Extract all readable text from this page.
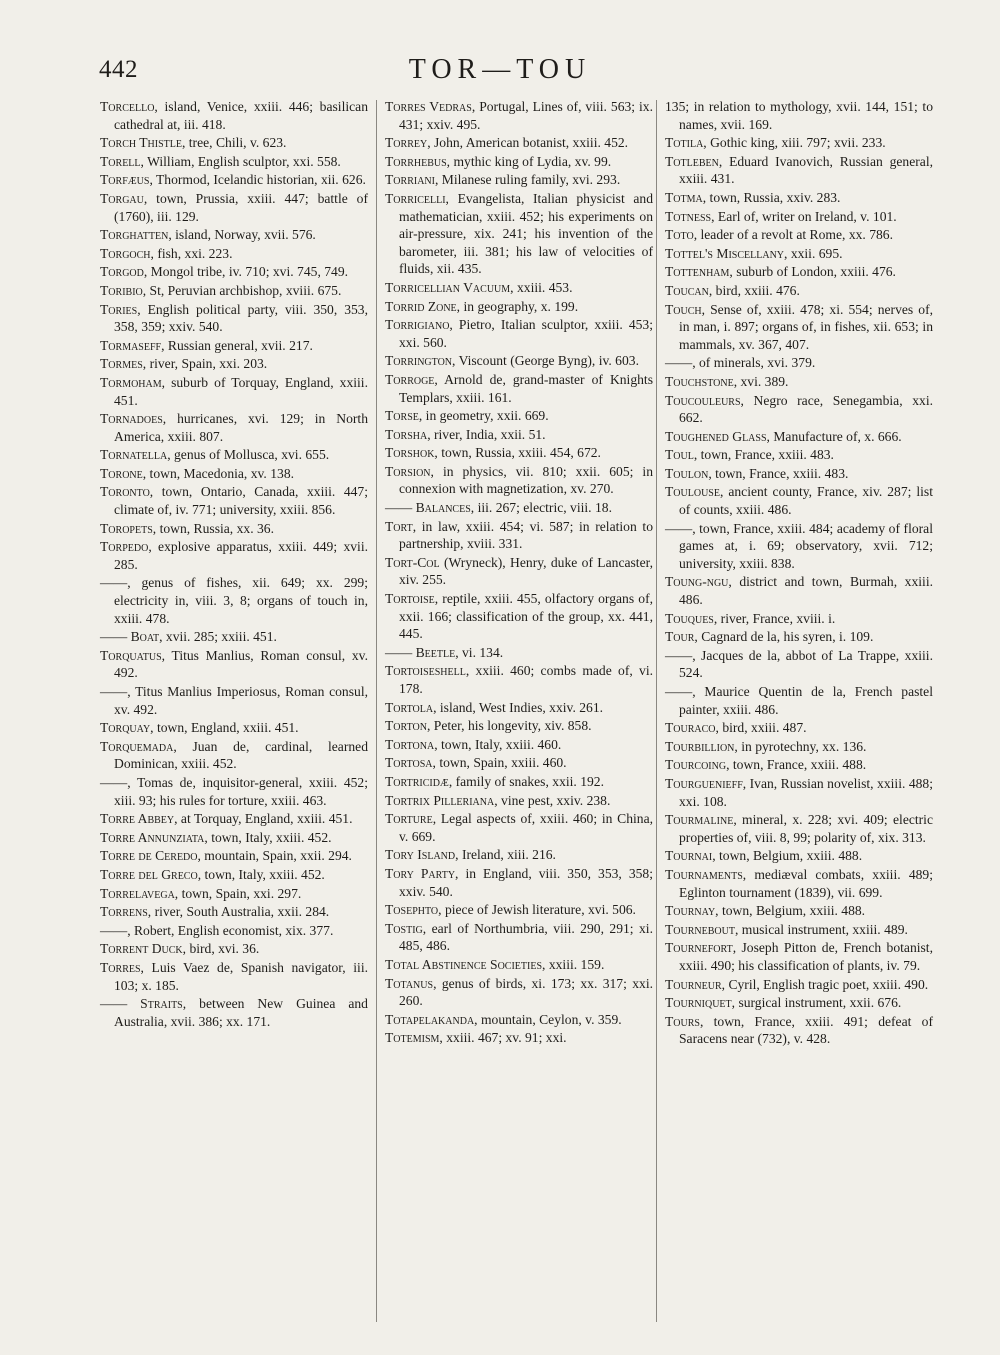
442	TOR—TOU
Torcello, island, Venice, xxiii. 446; basilican cathedral at, iii. 418.
Torch Thistle, tree, Chili, v. 623.
Torell, William, English sculptor, xxi. 558.
Torfæus, Thormod, Icelandic historian, xii. 626.
Torgau, town, Prussia, xxiii. 447; battle of (1760), iii. 129.
Torghatten, island, Norway, xvii. 576.
Torgoch, fish, xxi. 223.
Torgod, Mongol tribe, iv. 710; xvi. 745, 749.
Toribio, St, Peruvian archbishop, xviii. 675.
Tories, English political party, viii. 350, 353, 358, 359; xxiv. 540.
Tormaseff, Russian general, xvii. 217.
Tormes, river, Spain, xxi. 203.
Tormoham, suburb of Torquay, England, xxiii. 451.
Tornadoes, hurricanes, xvi. 129; in North America, xxiii. 807.
Tornatella, genus of Mollusca, xvi. 655.
Torone, town, Macedonia, xv. 138.
Toronto, town, Ontario, Canada, xxiii. 447; climate of, iv. 771; university, xxiii. 856.
Toropets, town, Russia, xx. 36.
Torpedo, explosive apparatus, xxiii. 449; xvii. 285.
——, genus of fishes, xii. 649; xx. 299; electricity in, viii. 3, 8; organs of touch in, xxiii. 478.
—— Boat, xvii. 285; xxiii. 451.
Torquatus, Titus Manlius, Roman consul, xv. 492.
——, Titus Manlius Imperiosus, Roman consul, xv. 492.
Torquay, town, England, xxiii. 451.
Torquemada, Juan de, cardinal, learned Dominican, xxiii. 452.
——, Tomas de, inquisitor-general, xxiii. 452; xiii. 93; his rules for torture, xxiii. 463.
Torre Abbey, at Torquay, England, xxiii. 451.
Torre Annunziata, town, Italy, xxiii. 452.
Torre de Ceredo, mountain, Spain, xxii. 294.
Torre del Greco, town, Italy, xxiii. 452.
Torrelavega, town, Spain, xxi. 297.
Torrens, river, South Australia, xxii. 284.
——, Robert, English economist, xix. 377.
Torrent Duck, bird, xvi. 36.
Torres, Luis Vaez de, Spanish navigator, iii. 103; x. 185.
—— Straits, between New Guinea and Australia, xvii. 386; xx. 171.
Torres Vedras, Portugal, Lines of, viii. 563; ix. 431; xxiv. 495.
Torrey, John, American botanist, xxiii. 452.
Torrhebus, mythic king of Lydia, xv. 99.
Torriani, Milanese ruling family, xvi. 293.
Torricelli, Evangelista, Italian physicist and mathematician, xxiii. 452; his experiments on air-pressure, xix. 241; his invention of the barometer, iii. 381; his law of velocities of fluids, xii. 435.
Torricellian Vacuum, xxiii. 453.
Torrid Zone, in geography, x. 199.
Torrigiano, Pietro, Italian sculptor, xxiii. 453; xxi. 560.
Torrington, Viscount (George Byng), iv. 603.
Torroge, Arnold de, grand-master of Knights Templars, xxiii. 161.
Torse, in geometry, xxii. 669.
Torsha, river, India, xxii. 51.
Torshok, town, Russia, xxiii. 454, 672.
Torsion, in physics, vii. 810; xxii. 605; in connexion with magnetization, xv. 270.
—— Balances, iii. 267; electric, viii. 18.
Tort, in law, xxiii. 454; vi. 587; in relation to partnership, xviii. 331.
Tort-Col (Wryneck), Henry, duke of Lancaster, xiv. 255.
Tortoise, reptile, xxiii. 455, olfactory organs of, xxii. 166; classification of the group, xx. 441, 445.
—— Beetle, vi. 134.
Tortoiseshell, xxiii. 460; combs made of, vi. 178.
Tortola, island, West Indies, xxiv. 261.
Torton, Peter, his longevity, xiv. 858.
Tortona, town, Italy, xxiii. 460.
Tortosa, town, Spain, xxiii. 460.
Tortricidæ, family of snakes, xxii. 192.
Tortrix Pilleriana, vine pest, xxiv. 238.
Torture, Legal aspects of, xxiii. 460; in China, v. 669.
Tory Island, Ireland, xiii. 216.
Tory Party, in England, viii. 350, 353, 358; xxiv. 540.
Tosephto, piece of Jewish literature, xvi. 506.
Tostig, earl of Northumbria, viii. 290, 291; xi. 485, 486.
Total Abstinence Societies, xxiii. 159.
Totanus, genus of birds, xi. 173; xx. 317; xxi. 260.
Totapelakanda, mountain, Ceylon, v. 359.
Totemism, xxiii. 467; xv. 91; xxi.
135; in relation to mythology, xvii. 144, 151; to names, xvii. 169.
Totila, Gothic king, xiii. 797; xvii. 233.
Totleben, Eduard Ivanovich, Russian general, xxiii. 431.
Totma, town, Russia, xxiv. 283.
Totness, Earl of, writer on Ireland, v. 101.
Toto, leader of a revolt at Rome, xx. 786.
Tottel's Miscellany, xxii. 695.
Tottenham, suburb of London, xxiii. 476.
Toucan, bird, xxiii. 476.
Touch, Sense of, xxiii. 478; xi. 554; nerves of, in man, i. 897; organs of, in fishes, xii. 653; in mammals, xv. 367, 407.
——, of minerals, xvi. 379.
Touchstone, xvi. 389.
Toucouleurs, Negro race, Senegambia, xxi. 662.
Toughened Glass, Manufacture of, x. 666.
Toul, town, France, xxiii. 483.
Toulon, town, France, xxiii. 483.
Toulouse, ancient county, France, xiv. 287; list of counts, xxiii. 486.
——, town, France, xxiii. 484; academy of floral games at, i. 69; observatory, xvii. 712; university, xxiii. 838.
Toung-ngu, district and town, Burmah, xxiii. 486.
Touques, river, France, xviii. i.
Tour, Cagnard de la, his syren, i. 109.
——, Jacques de la, abbot of La Trappe, xxiii. 524.
——, Maurice Quentin de la, French pastel painter, xxiii. 486.
Touraco, bird, xxiii. 487.
Tourbillion, in pyrotechny, xx. 136.
Tourcoing, town, France, xxiii. 488.
Tourguenieff, Ivan, Russian novelist, xxiii. 488; xxi. 108.
Tourmaline, mineral, x. 228; xvi. 409; electric properties of, viii. 8, 99; polarity of, xix. 313.
Tournai, town, Belgium, xxiii. 488.
Tournaments, mediæval combats, xxiii. 489; Eglinton tournament (1839), vii. 699.
Tournay, town, Belgium, xxiii. 488.
Tournebout, musical instrument, xxiii. 489.
Tournefort, Joseph Pitton de, French botanist, xxiii. 490; his classification of plants, iv. 79.
Tourneur, Cyril, English tragic poet, xxiii. 490.
Tourniquet, surgical instrument, xxii. 676.
Tours, town, France, xxiii. 491; defeat of Saracens near (732), v. 428.
